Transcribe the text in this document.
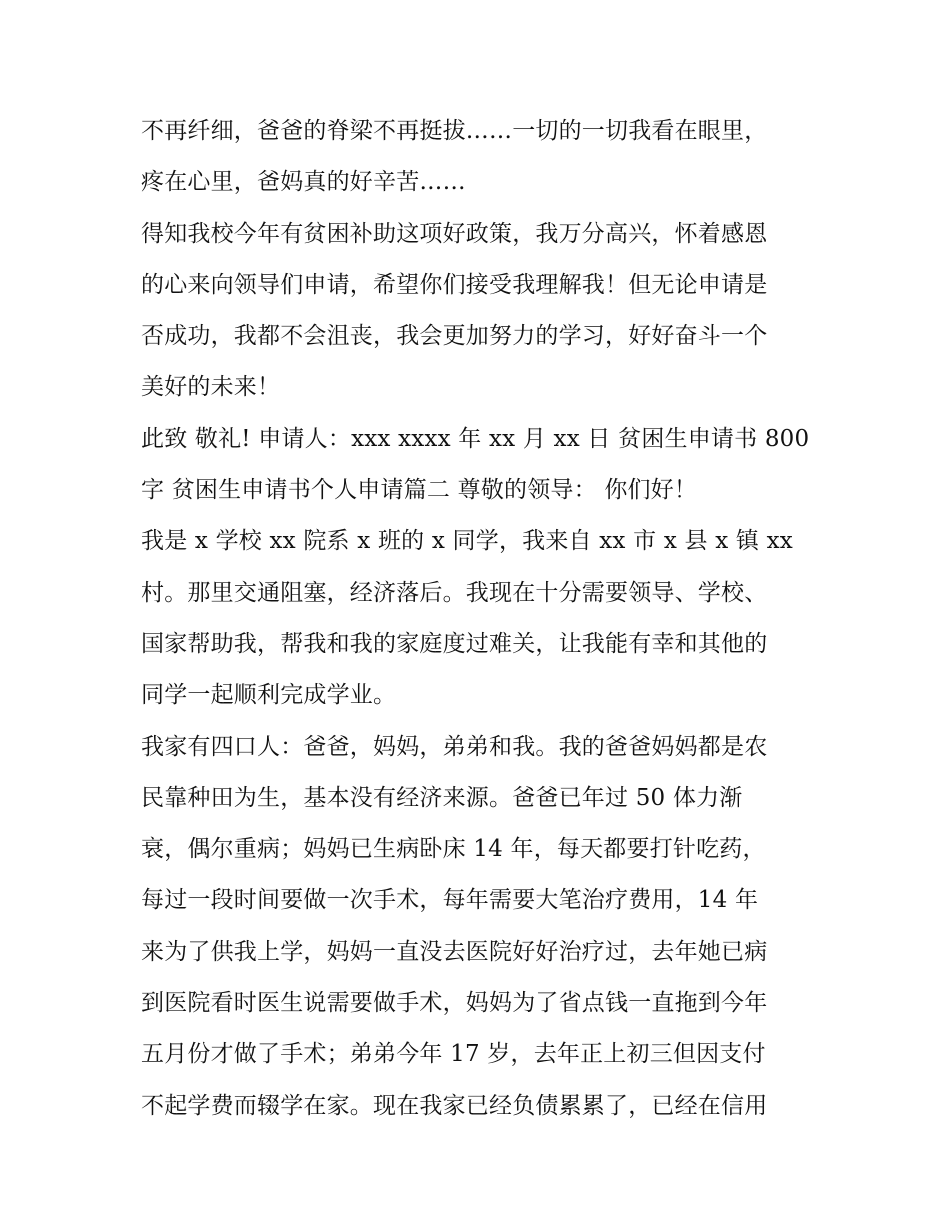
不再纤细，爸爸的脊梁不再挺拔……一切的一切我看在眼里，
疼在心里，爸妈真的好辛苦……
得知我校今年有贫困补助这项好政策，我万分高兴，怀着感恩
的心来向领导们申请，希望你们接受我理解我！但无论申请是
否成功，我都不会沮丧，我会更加努力的学习，好好奋斗一个
美好的未来！
此致 敬礼! 申请人：xxx xxxx 年 xx 月 xx 日 贫困生申请书 800
字 贫困生申请书个人申请篇二 尊敬的领导： 你们好！
我是 x 学校 xx 院系 x 班的 x 同学，我来自 xx 市 x 县 x 镇 xx
村。那里交通阻塞，经济落后。我现在十分需要领导、学校、
国家帮助我，帮我和我的家庭度过难关，让我能有幸和其他的
同学一起顺利完成学业。
我家有四口人：爸爸，妈妈，弟弟和我。我的爸爸妈妈都是农
民靠种田为生，基本没有经济来源。爸爸已年过 50 体力渐
衰，偶尔重病；妈妈已生病卧床 14 年，每天都要打针吃药，
每过一段时间要做一次手术，每年需要大笔治疗费用，14 年
来为了供我上学，妈妈一直没去医院好好治疗过，去年她已病
到医院看时医生说需要做手术，妈妈为了省点钱一直拖到今年
五月份才做了手术；弟弟今年 17 岁，去年正上初三但因支付
不起学费而辍学在家。现在我家已经负债累累了，已经在信用
